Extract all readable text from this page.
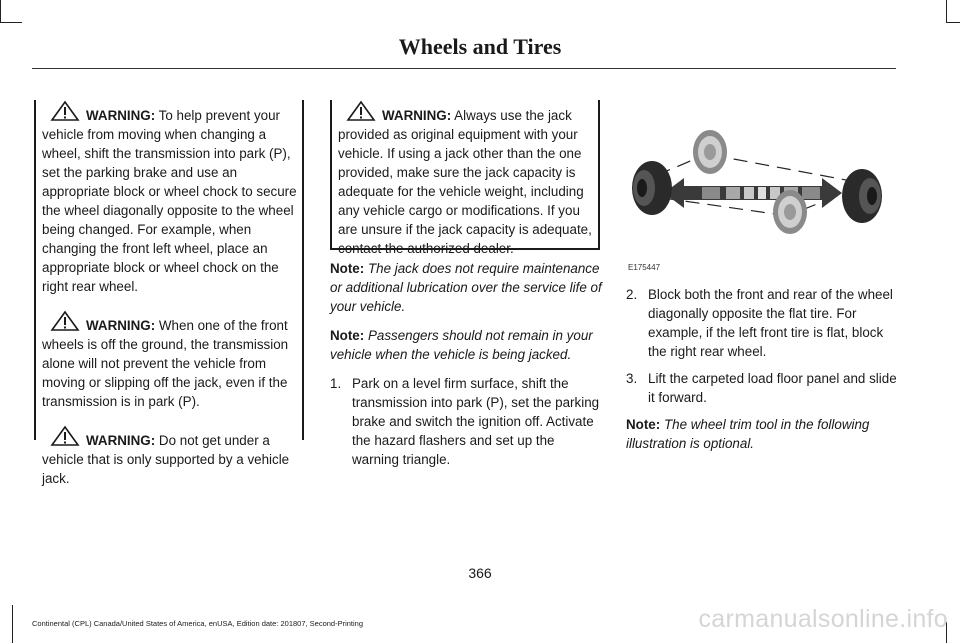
Wheels and Tires
WARNING: To help prevent your vehicle from moving when changing a wheel, shift the transmission into park (P), set the parking brake and use an appropriate block or wheel chock to secure the wheel diagonally opposite to the wheel being changed. For example, when changing the front left wheel, place an appropriate block or wheel chock on the right rear wheel.
WARNING: When one of the front wheels is off the ground, the transmission alone will not prevent the vehicle from moving or slipping off the jack, even if the transmission is in park (P).
WARNING: Do not get under a vehicle that is only supported by a vehicle jack.
WARNING: Always use the jack provided as original equipment with your vehicle. If using a jack other than the one provided, make sure the jack capacity is adequate for the vehicle weight, including any vehicle cargo or modifications. If you are unsure if the jack capacity is adequate, contact the authorized dealer.

Note: The jack does not require maintenance or additional lubrication over the service life of your vehicle.

Note: Passengers should not remain in your vehicle when the vehicle is being jacked.

1. Park on a level firm surface, shift the transmission into park (P), set the parking brake and switch the ignition off. Activate the hazard flashers and set up the warning triangle.
E175447
2. Block both the front and rear of the wheel diagonally opposite the flat tire. For example, if the left front tire is flat, block the right rear wheel.
3. Lift the carpeted load floor panel and slide it forward.

Note: The wheel trim tool in the following illustration is optional.

366
Continental (CPL) Canada/United States of America, enUSA, Edition date: 201807, Second-Printing	carmanualsonline.info
